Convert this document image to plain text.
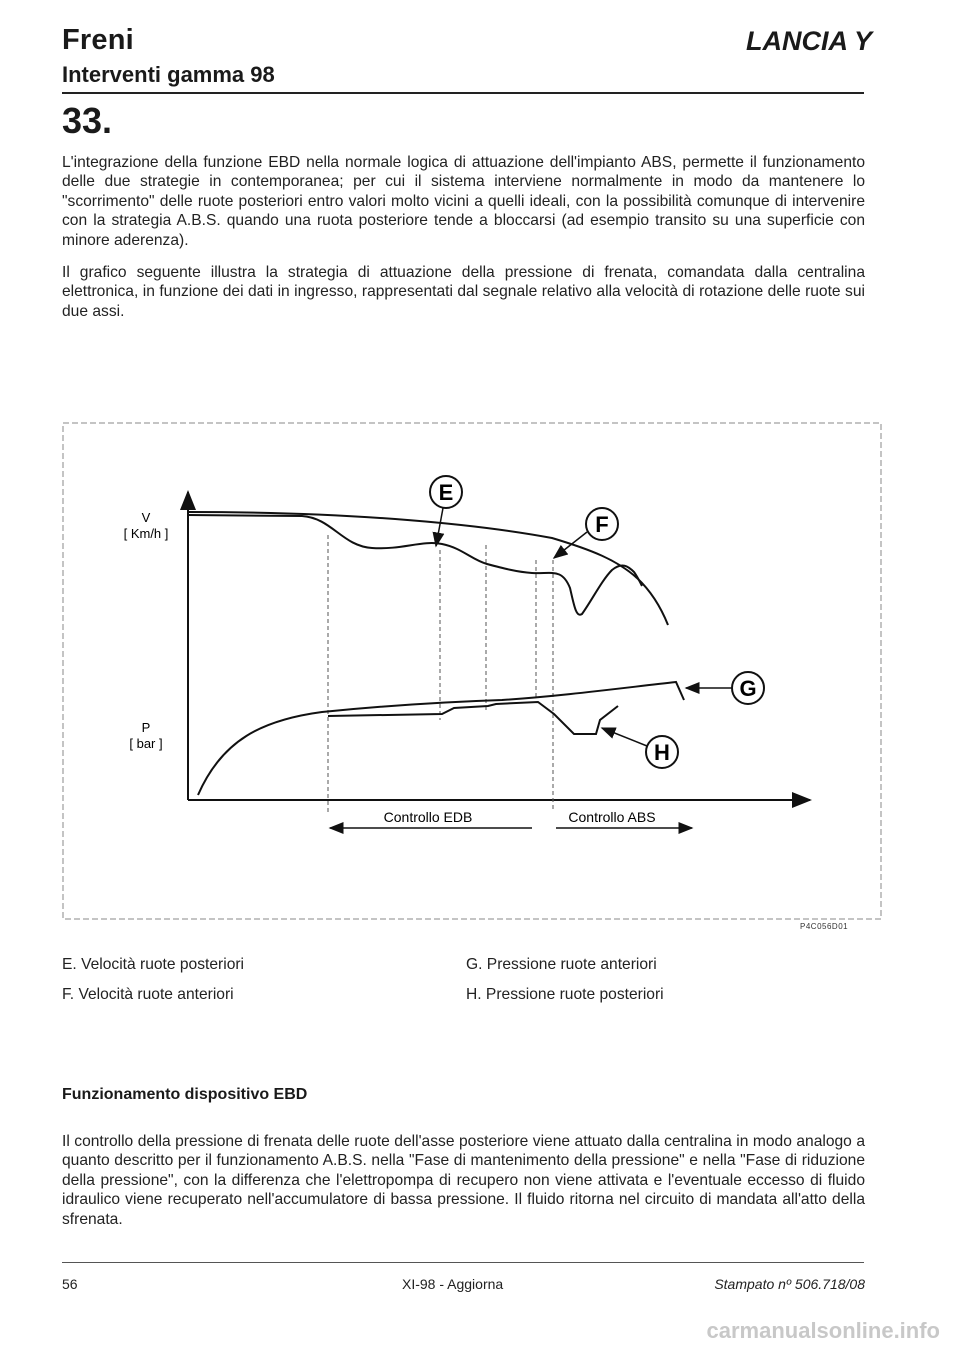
Freni	LANCIA Y
Interventi gamma 98
33.
L'integrazione della funzione EBD nella normale logica di attuazione dell'impianto ABS, permette il funzionamento delle due strategie in contemporanea; per cui il sistema interviene normalmente in modo da mantenere lo "scorrimento" delle ruote posteriori entro valori molto vicini a quelli ideali, con la possibilità comunque di intervenire con la strategia A.B.S. quando una ruota posteriore tende a bloccarsi (ad esempio transito su una superficie con minore aderenza).
Il grafico seguente illustra la strategia di attuazione della pressione di frenata, comandata dalla centralina elettronica, in funzione dei dati in ingresso, rappresentati dal segnale relativo alla velocità di rotazione delle ruote sui due assi.
E
F
G
H
V
[ Km/h ]
P
[ bar ]
Controllo EDB	Controllo ABS
P4C056D01
E. Velocità ruote posteriori
F. Velocità ruote anteriori
G. Pressione ruote anteriori
H. Pressione ruote posteriori
Funzionamento dispositivo EBD
Il controllo della pressione di frenata delle ruote dell'asse posteriore viene attuato dalla centralina in modo analogo a quanto descritto per il funzionamento A.B.S. nella "Fase di mantenimento della pressione" e nella "Fase di riduzione della pressione", con la differenza che l'elettropompa di recupero non viene attivata e l'eventuale eccesso di fluido idraulico viene recuperato nell'accumulatore di bassa pressione. Il fluido ritorna nel circuito di mandata all'atto della sfrenata.
56	XI-98 - Aggiorna	Stampato nº 506.718/08
carmanualsonline.info
